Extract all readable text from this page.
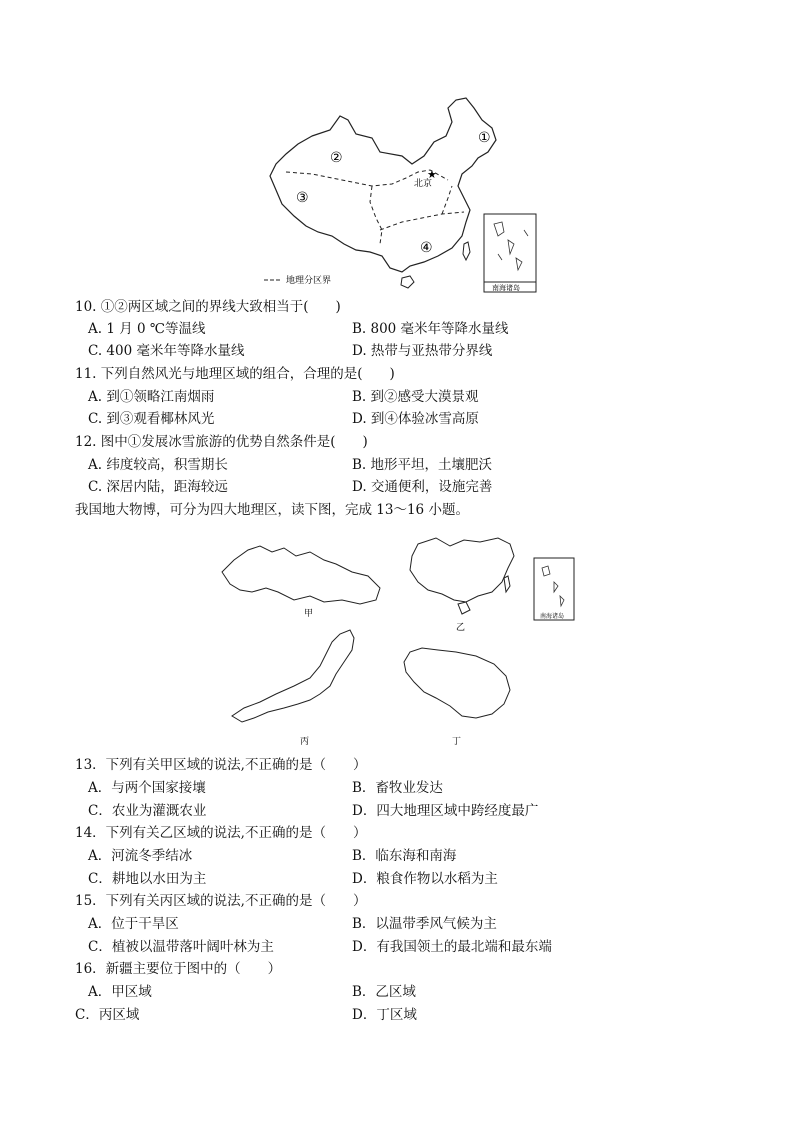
★
北京
①
②
③
④
地理分区界
南海诸岛
10. ①②两区域之间的界线大致相当于(　　)
A. 1 月 0 ℃等温线	B. 800 毫米年等降水量线
C. 400 毫米年等降水量线	D. 热带与亚热带分界线
11. 下列自然风光与地理区域的组合，合理的是(　　)
A. 到①领略江南烟雨	B. 到②感受大漠景观
C. 到③观看椰林风光	D. 到④体验冰雪高原
12. 图中①发展冰雪旅游的优势自然条件是(　　)
A. 纬度较高，积雪期长	B. 地形平坦，土壤肥沃
C. 深居内陆，距海较远	D. 交通便利，设施完善
我国地大物博，可分为四大地理区，读下图，完成 13～16 小题。
甲
乙
南海诸岛
丙	丁
13．下列有关甲区域的说法,不正确的是（　　）
A．与两个国家接壤	B．畜牧业发达
C．农业为灌溉农业	D．四大地理区域中跨经度最广
14．下列有关乙区域的说法,不正确的是（　　）
A．河流冬季结冰	B．临东海和南海
C．耕地以水田为主	D．粮食作物以水稻为主
15．下列有关丙区域的说法,不正确的是（　　）
A．位于干旱区	B．以温带季风气候为主
C．植被以温带落叶阔叶林为主	D．有我国领土的最北端和最东端
16．新疆主要位于图中的（　　）
A．甲区域	B．乙区域
C．丙区域	D．丁区域
